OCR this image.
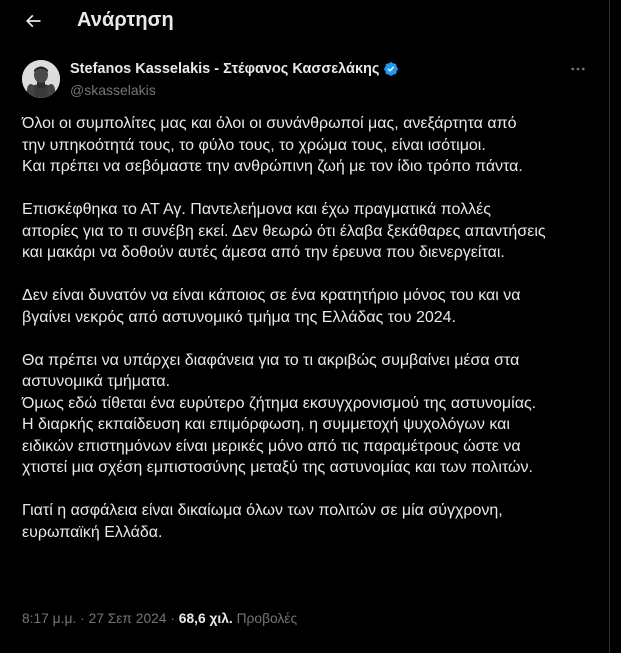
Ανάρτηση
Stefanos Kasselakis - Στέφανος Κασσελάκης
@skasselakis

Όλοι οι συμπολίτες μας και όλοι οι συνάνθρωποί μας, ανεξάρτητα από
την υπηκοότητά τους, το φύλο τους, το χρώμα τους, είναι ισότιμοι.
Και πρέπει να σεβόμαστε την ανθρώπινη ζωή με τον ίδιο τρόπο πάντα.

Επισκέφθηκα το ΑΤ Αγ. Παντελεήμονα και έχω πραγματικά πολλές
απορίες για το τι συνέβη εκεί. Δεν θεωρώ ότι έλαβα ξεκάθαρες απαντήσεις
και μακάρι να δοθούν αυτές άμεσα από την έρευνα που διενεργείται.

Δεν είναι δυνατόν να είναι κάποιος σε ένα κρατητήριο μόνος του και να
βγαίνει νεκρός από αστυνομικό τμήμα της Ελλάδας του 2024.

Θα πρέπει να υπάρχει διαφάνεια για το τι ακριβώς συμβαίνει μέσα στα
αστυνομικά τμήματα.
Όμως εδώ τίθεται ένα ευρύτερο ζήτημα εκσυγχρονισμού της αστυνομίας.
Η διαρκής εκπαίδευση και επιμόρφωση, η συμμετοχή ψυχολόγων και
ειδικών επιστημόνων είναι μερικές μόνο από τις παραμέτρους ώστε να
χτιστεί μια σχέση εμπιστοσύνης μεταξύ της αστυνομίας και των πολιτών.

Γιατί η ασφάλεια είναι δικαίωμα όλων των πολιτών σε μία σύγχρονη,
ευρωπαϊκή Ελλάδα.

8:17 μ.μ. · 27 Σεπ 2024 · 68,6 χιλ. Προβολές
